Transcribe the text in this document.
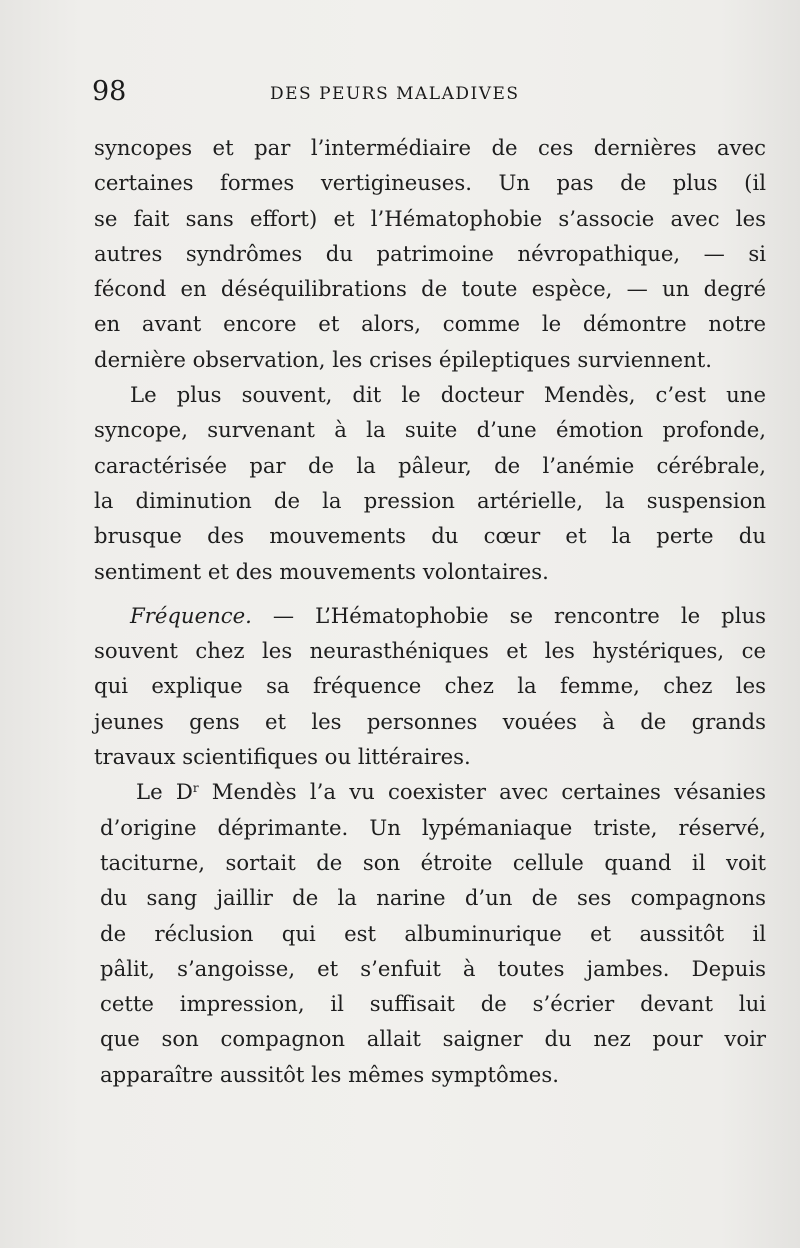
98	DES PEURS MALADIVES
syncopes et par l’intermédiaire de ces dernières avec
certaines formes vertigineuses. Un pas de plus (il
se fait sans effort) et l’Hématophobie s’associe avec les
autres syndrômes du patrimoine névropathique, — si
fécond en déséquilibrations de toute espèce, — un degré
en avant encore et alors, comme le démontre notre
dernière observation, les crises épileptiques surviennent.
Le plus souvent, dit le docteur Mendès, c’est une
syncope, survenant à la suite d’une émotion profonde,
caractérisée par de la pâleur, de l’anémie cérébrale,
la diminution de la pression artérielle, la suspension
brusque des mouvements du cœur et la perte du
sentiment et des mouvements volontaires.
Fréquence. — L’Hématophobie se rencontre le plus
souvent chez les neurasthéniques et les hystériques, ce
qui explique sa fréquence chez la femme, chez les
jeunes gens et les personnes vouées à de grands
travaux scientifiques ou littéraires.
Le $D^r$ Mendès l’a vu coexister avec certaines vésanies
d’origine déprimante. Un lypémaniaque triste, réservé,
taciturne, sortait de son étroite cellule quand il voit
du sang jaillir de la narine d’un de ses compagnons
de réclusion qui est albuminurique et aussitôt il
pâlit, s’angoisse, et s’enfuit à toutes jambes. Depuis
cette impression, il suffisait de s’écrier devant lui
que son compagnon allait saigner du nez pour voir
apparaître aussitôt les mêmes symptômes.
